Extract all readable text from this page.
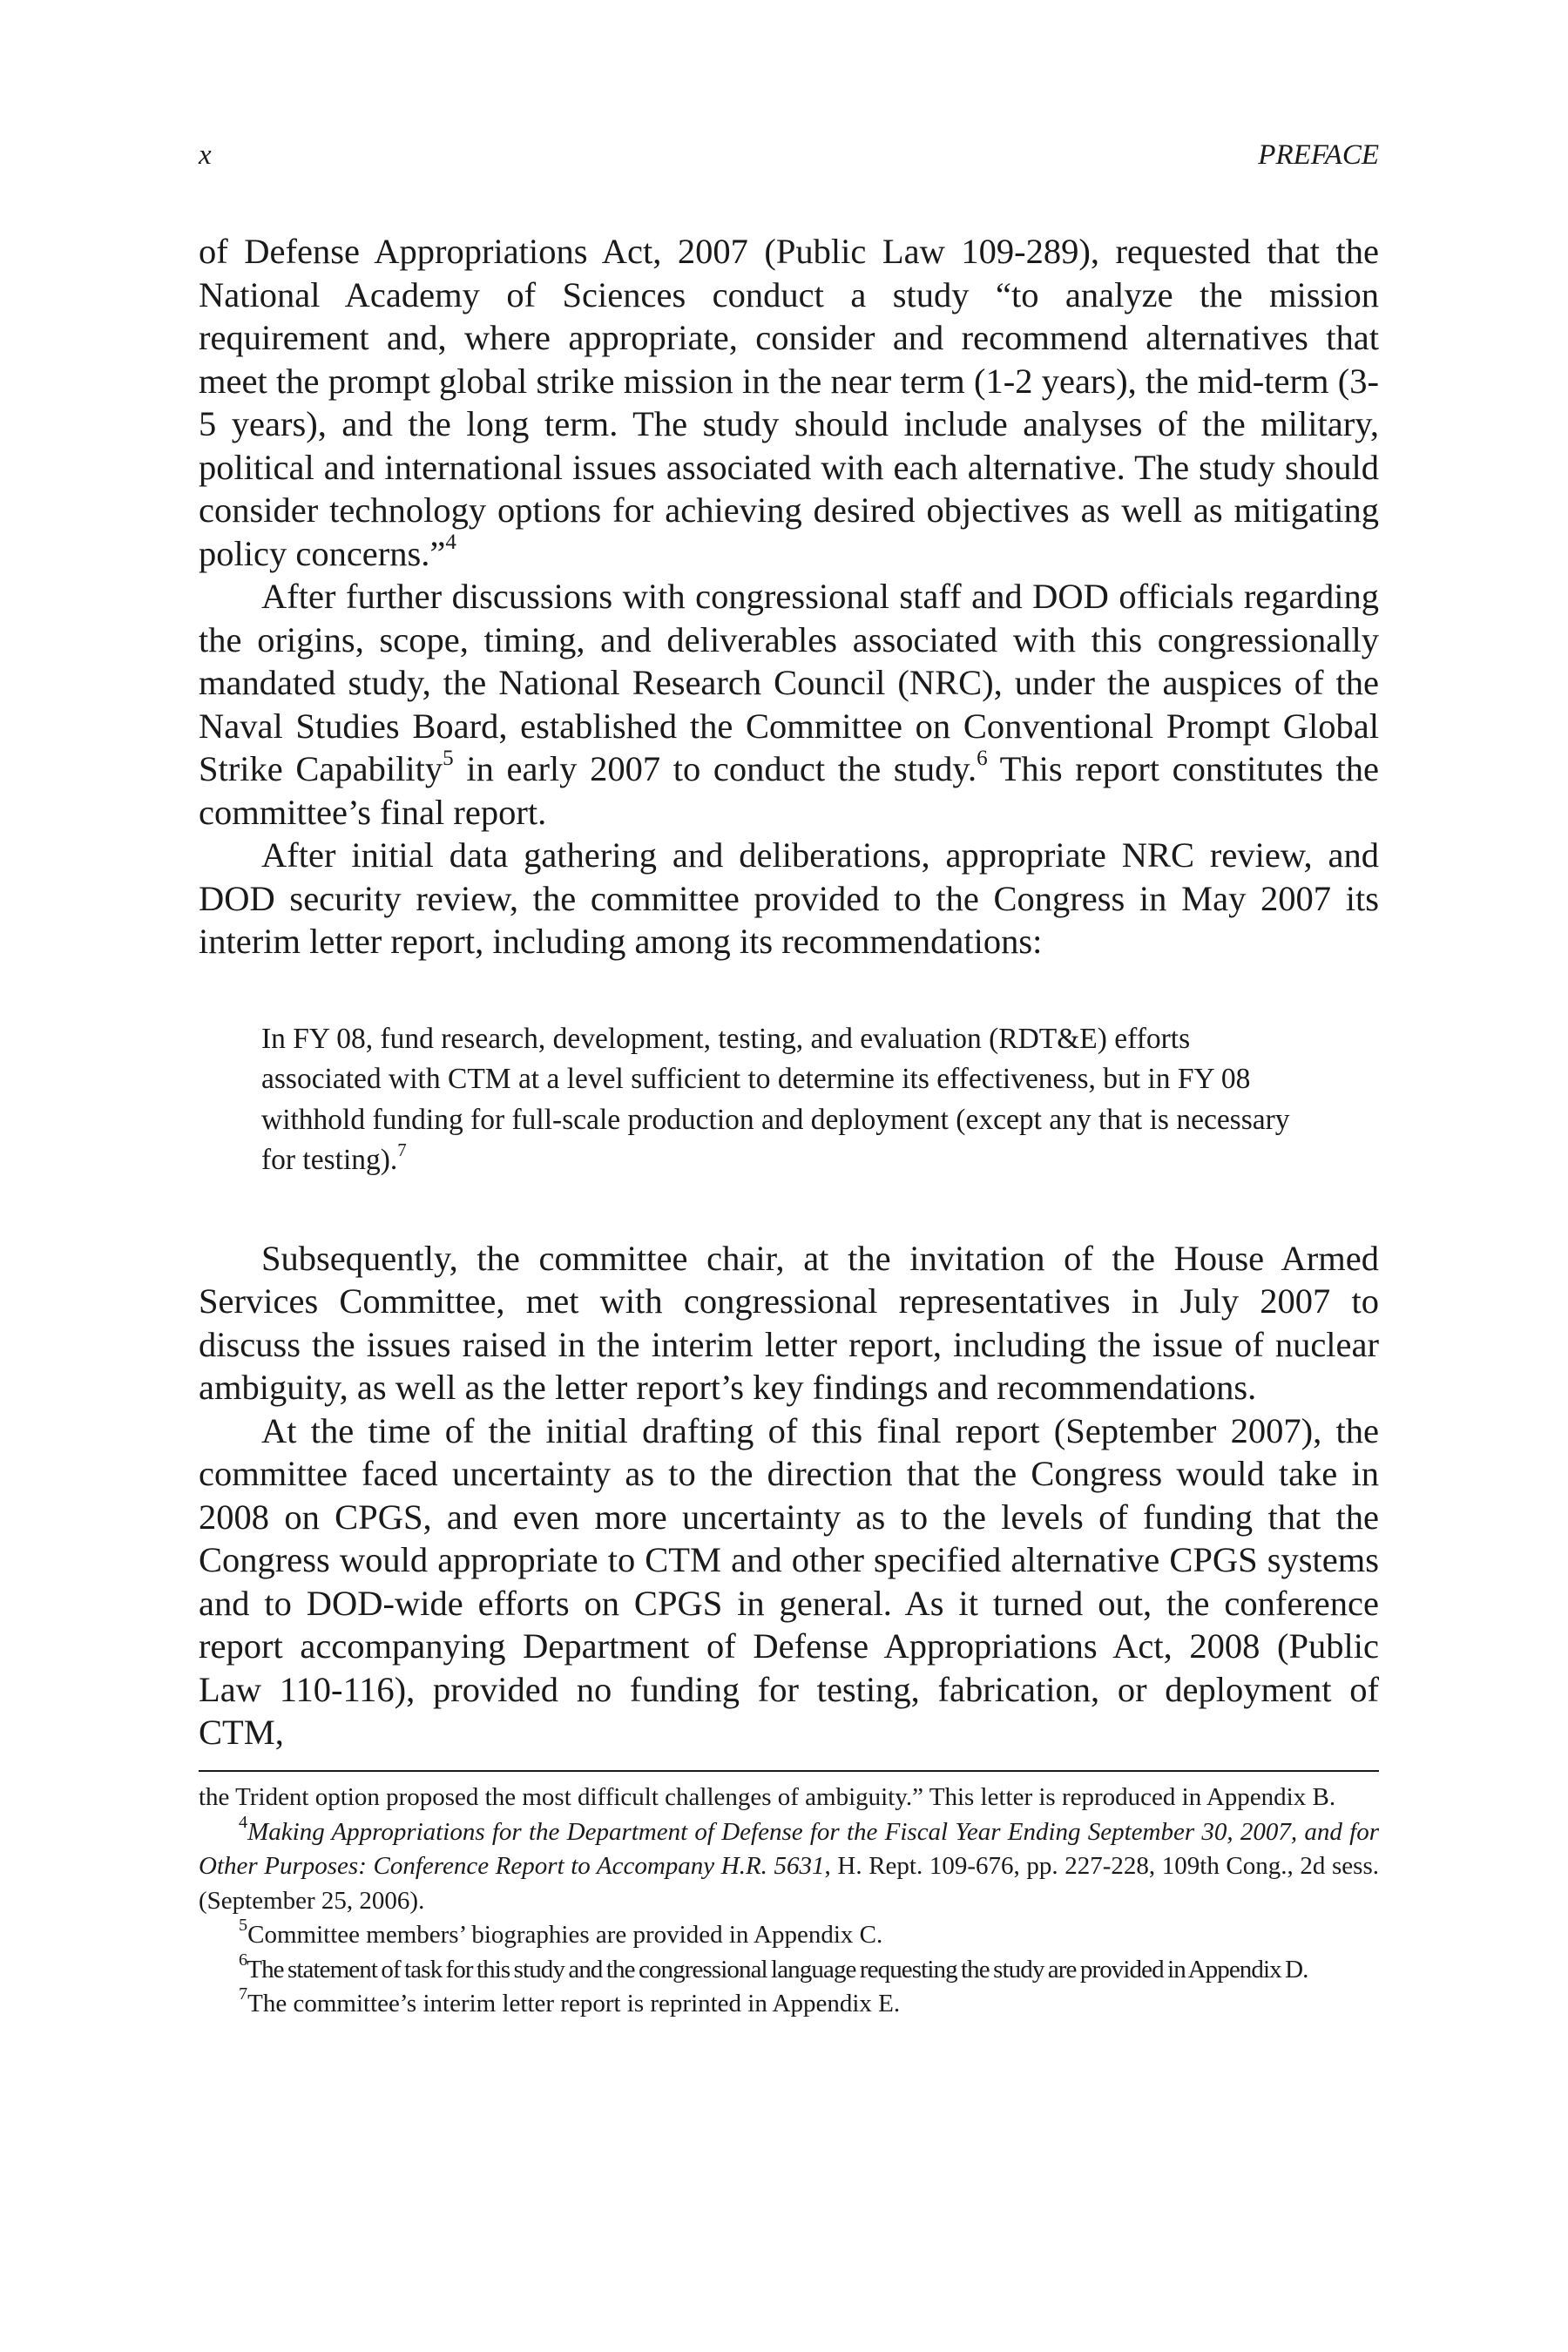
x	PREFACE

of Defense Appropriations Act, 2007 (Public Law 109-289), requested that the National Academy of Sciences conduct a study “to analyze the mission requirement and, where appropriate, consider and recommend alternatives that meet the prompt global strike mission in the near term (1-2 years), the mid-term (3-5 years), and the long term. The study should include analyses of the military, political and international issues associated with each alternative. The study should consider technology options for achieving desired objectives as well as mitigating policy concerns.”$^4$

After further discussions with congressional staff and DOD officials regarding the origins, scope, timing, and deliverables associated with this congressionally mandated study, the National Research Council (NRC), under the auspices of the Naval Studies Board, established the Committee on Conventional Prompt Global Strike Capability$^5$ in early 2007 to conduct the study.$^6$ This report constitutes the committee’s final report.

After initial data gathering and deliberations, appropriate NRC review, and DOD security review, the committee provided to the Congress in May 2007 its interim letter report, including among its recommendations:

In FY 08, fund research, development, testing, and evaluation (RDT&E) efforts associated with CTM at a level sufficient to determine its effectiveness, but in FY 08 withhold funding for full-scale production and deployment (except any that is necessary for testing).$^7$

Subsequently, the committee chair, at the invitation of the House Armed Services Committee, met with congressional representatives in July 2007 to discuss the issues raised in the interim letter report, including the issue of nuclear ambiguity, as well as the letter report’s key findings and recommendations.

At the time of the initial drafting of this final report (September 2007), the committee faced uncertainty as to the direction that the Congress would take in 2008 on CPGS, and even more uncertainty as to the levels of funding that the Congress would appropriate to CTM and other specified alternative CPGS systems and to DOD-wide efforts on CPGS in general. As it turned out, the conference report accompanying Department of Defense Appropriations Act, 2008 (Public Law 110-116), provided no funding for testing, fabrication, or deployment of CTM,

the Trident option proposed the most difficult challenges of ambiguity.” This letter is reproduced in Appendix B.

$^4$Making Appropriations for the Department of Defense for the Fiscal Year Ending September 30, 2007, and for Other Purposes: Conference Report to Accompany H.R. 5631, H. Rept. 109-676, pp. 227-228, 109th Cong., 2d sess. (September 25, 2006).

$^5$Committee members’ biographies are provided in Appendix C.

$^6$The statement of task for this study and the congressional language requesting the study are provided in Appendix D.

$^7$The committee’s interim letter report is reprinted in Appendix E.
